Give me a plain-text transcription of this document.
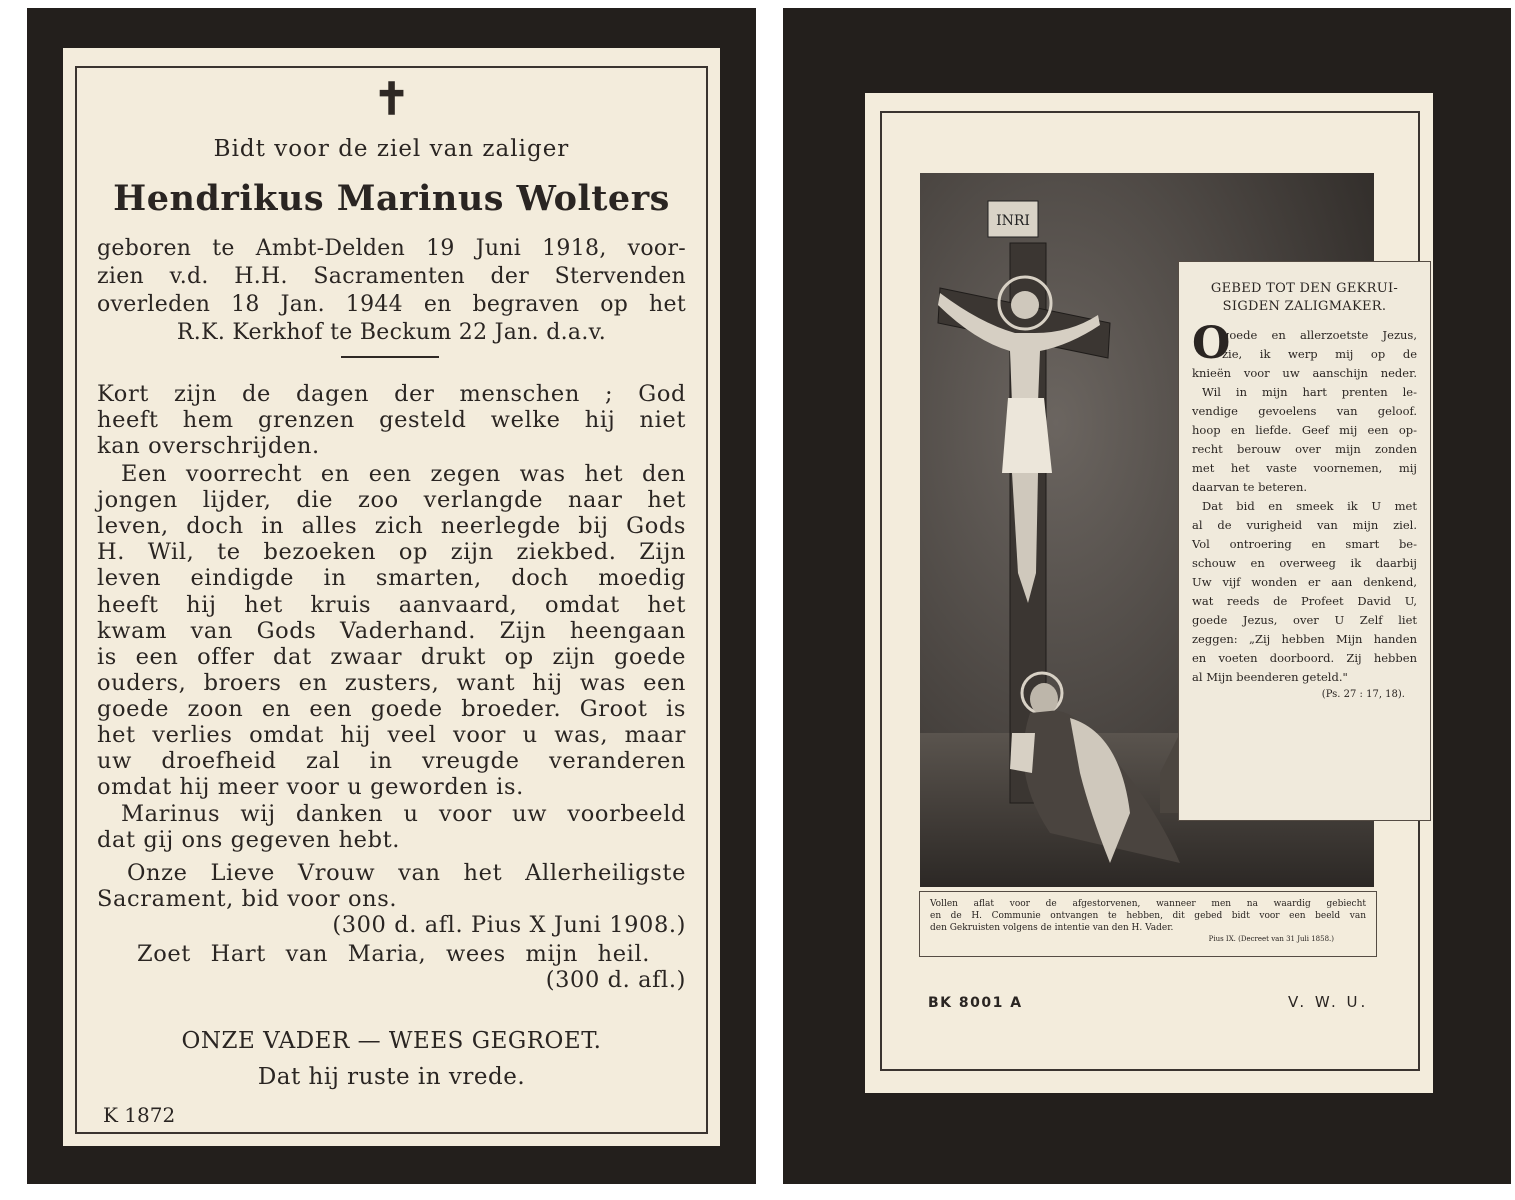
✝
Bidt voor de ziel van zaliger
Hendrikus Marinus Wolters
geboren te Ambt-Delden 19 Juni 1918, voor-
zien v.d. H.H. Sacramenten der Stervenden
overleden 18 Jan. 1944 en begraven op het
R.K. Kerkhof te Beckum 22 Jan. d.a.v.
Kort zijn de dagen der menschen ; God
heeft hem grenzen gesteld welke hij niet
kan overschrijden.
Een voorrecht en een zegen was het den
jongen lijder, die zoo verlangde naar het
leven, doch in alles zich neerlegde bij Gods
H. Wil, te bezoeken op zijn ziekbed. Zijn
leven eindigde in smarten, doch moedig
heeft hij het kruis aanvaard, omdat het
kwam van Gods Vaderhand. Zijn heengaan
is een offer dat zwaar drukt op zijn goede
ouders, broers en zusters, want hij was een
goede zoon en een goede broeder. Groot is
het verlies omdat hij veel voor u was, maar
uw droefheid zal in vreugde veranderen
omdat hij meer voor u geworden is.
Marinus wij danken u voor uw voorbeeld
dat gij ons gegeven hebt.
Onze Lieve Vrouw van het Allerheiligste
Sacrament, bid voor ons.
(300 d. afl. Pius X Juni 1908.)
Zoet Hart van Maria, wees mijn heil.
(300 d. afl.)
ONZE VADER — WEES GEGROET.
Dat hij ruste in vrede.
K 1872
INRI
GEBED TOT DEN GEKRUI-
SIGDEN ZALIGMAKER.
O
goede en allerzoetste Jezus,
zie, ik werp mij op de
knieën voor uw aanschijn neder.
Wil in mijn hart prenten le-
vendige gevoelens van geloof.
hoop en liefde. Geef mij een op-
recht berouw over mijn zonden
met het vaste voornemen, mij
daarvan te beteren.
Dat bid en smeek ik U met
al de vurigheid van mijn ziel.
Vol ontroering en smart be-
schouw en overweeg ik daarbij
Uw vijf wonden er aan denkend,
wat reeds de Profeet David U,
goede Jezus, over U Zelf liet
zeggen: „Zij hebben Mijn handen
en voeten doorboord. Zij hebben
al Mijn beenderen geteld."
(Ps. 27 : 17, 18).
Vollen aflat voor de afgestorvenen, wanneer men na waardig gebiecht
en de H. Communie ontvangen te hebben, dit gebed bidt voor een beeld van
den Gekruisten volgens de intentie van den H. Vader.
Pius IX. (Decreet van 31 Juli 1858.)
BK 8001 A	V. W. U.
